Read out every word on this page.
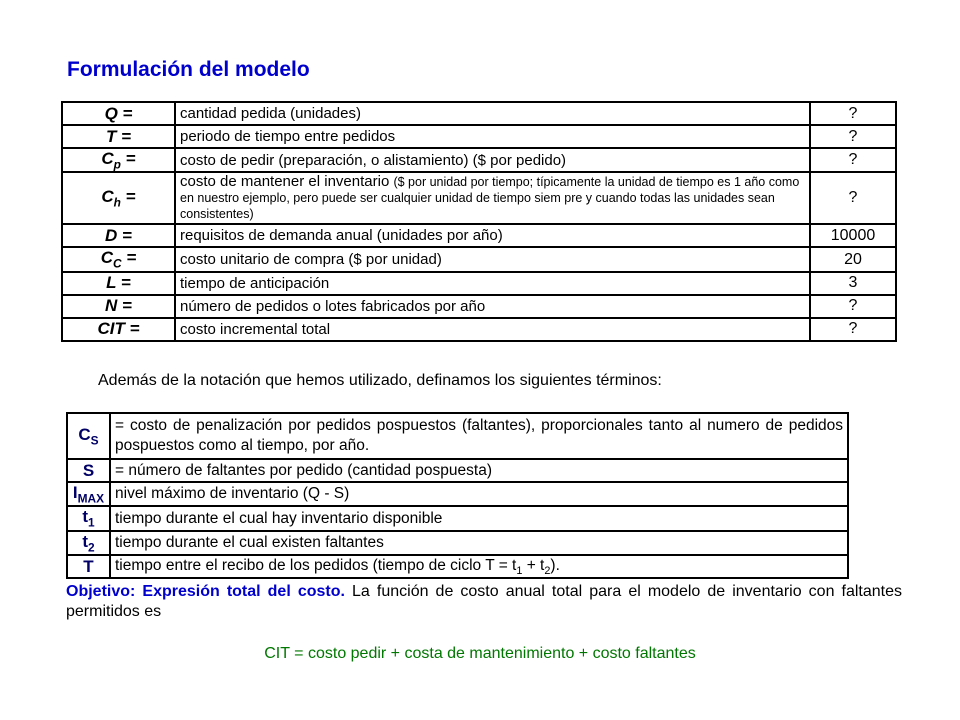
Formulación del modelo
Q =	cantidad pedida (unidades)	?
T =	periodo de tiempo entre pedidos	?
$C_p$ =	costo de pedir (preparación, o alistamiento) ($ por pedido)	?
$C_h$ =	costo de mantener el inventario ($ por unidad por tiempo; típicamente la unidad de tiempo es 1 año como en nuestro ejemplo, pero puede ser cualquier unidad de tiempo siem pre y cuando todas las unidades sean consistentes)	?
D =	requisitos de demanda anual (unidades por año)	10000
$C_C$ =	costo unitario de compra ($ por unidad)	20
L =	tiempo de anticipación	3
N =	número de pedidos o lotes fabricados por año	?
CIT =	costo incremental total	?
Además de la notación que hemos utilizado, definamos los siguientes términos:
$C_S$	= costo de penalización por pedidos pospuestos (faltantes), proporcionales tanto al numero de pedidos pospuestos como al tiempo, por año.
S	= número de faltantes por pedido (cantidad pospuesta)
$I_{MAX}$	nivel máximo de inventario (Q - S)
$t_1$	tiempo durante el cual hay inventario disponible
$t_2$	tiempo durante el cual existen faltantes
T	tiempo entre el recibo de los pedidos (tiempo de ciclo $T = t_1 + t_2$).
Objetivo: Expresión total del costo. La función de costo anual total para el modelo de inventario con faltantes permitidos es
CIT = costo pedir + costa de mantenimiento + costo faltantes
